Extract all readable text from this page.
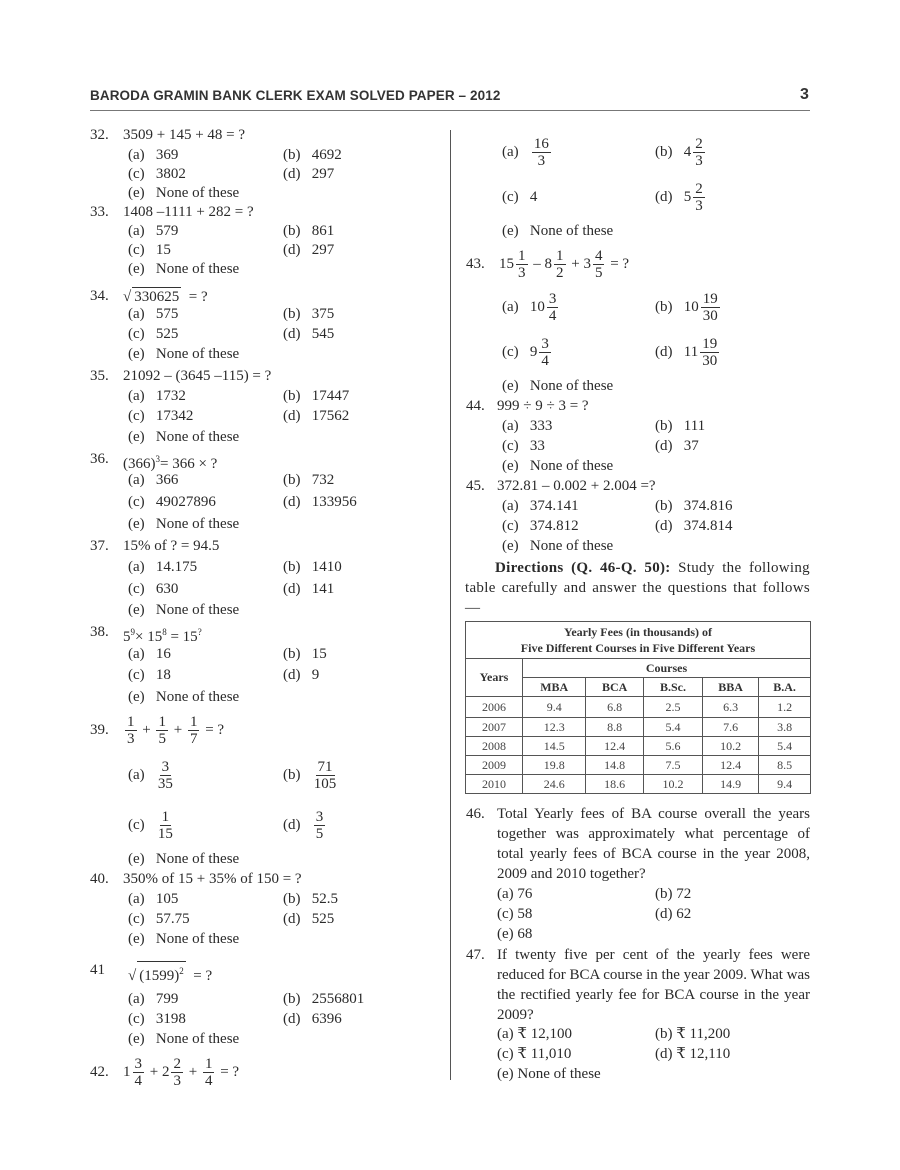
BARODA GRAMIN BANK CLERK EXAM SOLVED PAPER – 2012	3
32. 3509 + 145 + 48 = ?
(a) 369	(b) 4692
(c) 3802	(d) 297
(e) None of these
33. 1408 –1111 + 282 = ?
(a) 579	(b) 861
(c) 15	(d) 297
(e) None of these
34. √ 330625 = ?
(a) 575	(b) 375
(c) 525	(d) 545
(e) None of these
35. 21092 – (3645 –115) = ?
(a) 1732	(b) 17447
(c) 17342	(d) 17562
(e) None of these
36. $(366)^3= 366$ × ?
(a) 366	(b) 732
(c) 49027896	(d) 133956
(e) None of these
37. 15% of ? = 94.5
(a) 14.175	(b) 1410
(c) 630	(d) 141
(e) None of these
38. $5^9\times 15^8 = 15^?$
(a) 16	(b) 15
(c) 18	(d) 9
(e) None of these
39. $\frac{1}{3} + \frac{1}{5} + \frac{1}{7}$ = ?
$(a) \frac{3}{35}$	$(b) \frac{71}{105}$
$(c) \frac{1}{15}$	$(d) \frac{3}{5}$
(e) None of these
40. 350% of 15 + 35% of 150 = ?
(a) 105	(b) 52.5
(c) 57.75	(d) 525
(e) None of these
41 √ $(1599)^2$ = ?
(a) 799	(b) 2556801
(c) 3198	(d) 6396
(e) None of these
42. 1
3
4
+ 2
2
3
+ $\frac{1}{4}$ = ?
$(a) \frac{16}{3}$	(b) 4
2
3
(c) 4	(d) 5
2
3
(e) None of these
43. 15
1
3
– 8
1
2
+ 3
4
5
= ?
(a) 10
3
4
(b) 10
19
30
(c) 9
3
4
(d) 11
19
30
(e) None of these
44. 999 ÷ 9 ÷ 3 = ?
(a) 333	(b) 111
(c) 33	(d) 37
(e) None of these
45. 372.81 – 0.002 + 2.004 =?
(a) 374.141	(b) 374.816
(c) 374.812	(d) 374.814
(e) None of these
Directions (Q. 46-Q. 50): Study the following table carefully and answer the questions that follows—
Yearly Fees (in thousands) of
Five Different Courses in Five Different Years					
Years	Courses				
	MBA	BCA	B.Sc.	BBA	B.A.
2006	9.4	6.8	2.5	6.3	1.2
2007	12.3	8.8	5.4	7.6	3.8
2008	14.5	12.4	5.6	10.2	5.4
2009	19.8	14.8	7.5	12.4	8.5
2010	24.6	18.6	10.2	14.9	9.4
46. Total Yearly fees of BA course overall the years together was approximately what percentage of total yearly fees of BCA course in the year 2008, 2009 and 2010 together?
(a) 76	(b) 72
(c) 58	(d) 62
(e) 68
47. If twenty five per cent of the yearly fees were reduced for BCA course in the year 2009. What was the rectified yearly fee for BCA course in the year 2009?
(a) ₹ 12,100	(b) ₹ 11,200
(c) ₹ 11,010	(d) ₹ 12,110
(e) None of these
